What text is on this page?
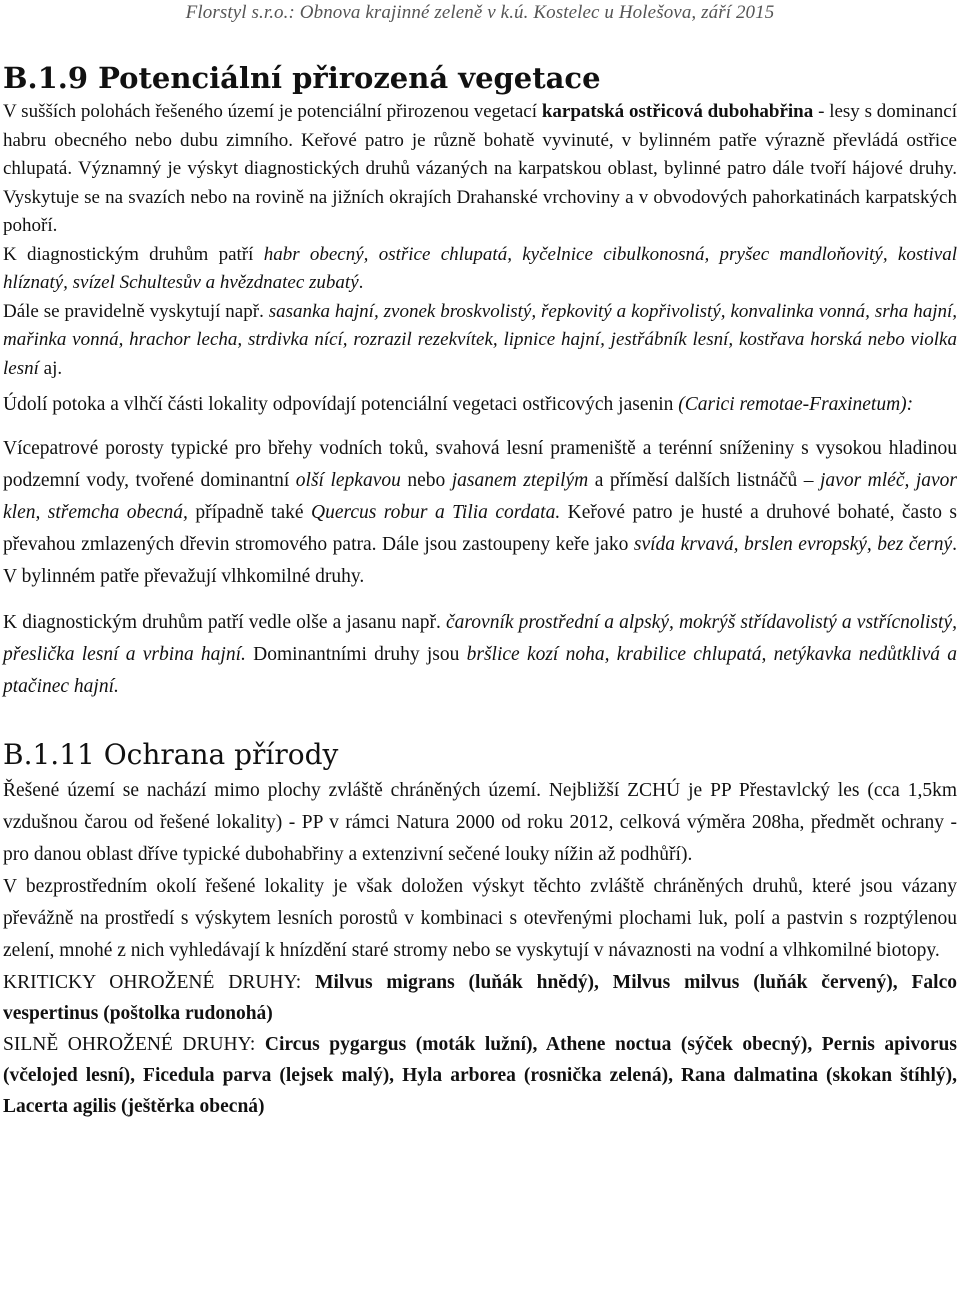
Florstyl s.r.o.: Obnova krajinné zeleně v k.ú. Kostelec u Holešova, září 2015
B.1.9 Potenciální přirozená vegetace

V sušších polohách řešeného území je potenciální přirozenou vegetací karpatská ostřicová dubohabřina - lesy s dominancí habru obecného nebo dubu zimního. Keřové patro je různě bohatě vyvinuté, v bylinném patře výrazně převládá ostřice chlupatá. Významný je výskyt diagnostických druhů vázaných na karpatskou oblast, bylinné patro dále tvoří hájové druhy. Vyskytuje se na svazích nebo na rovině na jižních okrajích Drahanské vrchoviny a v obvodových pahorkatinách karpatských pohoří.

K diagnostickým druhům patří habr obecný, ostřice chlupatá, kyčelnice cibulkonosná, pryšec mandloňovitý, kostival hlíznatý, svízel Schultesův a hvězdnatec zubatý.

Dále se pravidelně vyskytují např. sasanka hajní, zvonek broskvolistý, řepkovitý a kopřivolistý, konvalinka vonná, srha hajní, mařinka vonná, hrachor lecha, strdivka nící, rozrazil rezekvítek, lipnice hajní, jestřábník lesní, kostřava horská nebo violka lesní aj.

Údolí potoka a vlhčí části lokality odpovídají potenciální vegetaci ostřicových jasenin (Carici remotae-Fraxinetum):

Vícepatrové porosty typické pro břehy vodních toků, svahová lesní prameniště a terénní sníženiny s vysokou hladinou podzemní vody, tvořené dominantní olší lepkavou nebo jasanem ztepilým a příměsí dalších listnáčů – javor mléč, javor klen, střemcha obecná, případně také Quercus robur a Tilia cordata. Keřové patro je husté a druhové bohaté, často s převahou zmlazených dřevin stromového patra. Dále jsou zastoupeny keře jako svída krvavá, brslen evropský, bez černý. V bylinném patře převažují vlhkomilné druhy.

K diagnostickým druhům patří vedle olše a jasanu např. čarovník prostřední a alpský, mokrýš střídavolistý a vstřícnolistý, přeslička lesní a vrbina hajní. Dominantními druhy jsou bršlice kozí noha, krabilice chlupatá, netýkavka nedůtklivá a ptačinec hajní.

B.1.11 Ochrana přírody

Řešené území se nachází mimo plochy zvláště chráněných území. Nejbližší ZCHÚ je PP Přestavlcký les (cca 1,5km vzdušnou čarou od řešené lokality) - PP v rámci Natura 2000 od roku 2012, celková výměra 208ha, předmět ochrany - pro danou oblast dříve typické dubohabřiny a extenzivní sečené louky nížin až podhůří).

V bezprostředním okolí řešené lokality je však doložen výskyt těchto zvláště chráněných druhů, které jsou vázany převážně na prostředí s výskytem lesních porostů v kombinaci s otevřenými plochami luk, polí a pastvin s rozptýlenou zelení, mnohé z nich vyhledávají k hnízdění staré stromy nebo se vyskytují v návaznosti na vodní a vlhkomilné biotopy.

KRITICKY OHROŽENÉ DRUHY: Milvus migrans (luňák hnědý), Milvus milvus (luňák červený), Falco vespertinus (poštolka rudonohá)

SILNĚ OHROŽENÉ DRUHY: Circus pygargus (moták lužní), Athene noctua (sýček obecný), Pernis apivorus (včelojed lesní), Ficedula parva (lejsek malý), Hyla arborea (rosnička zelená), Rana dalmatina (skokan štíhlý), Lacerta agilis (ještěrka obecná)
